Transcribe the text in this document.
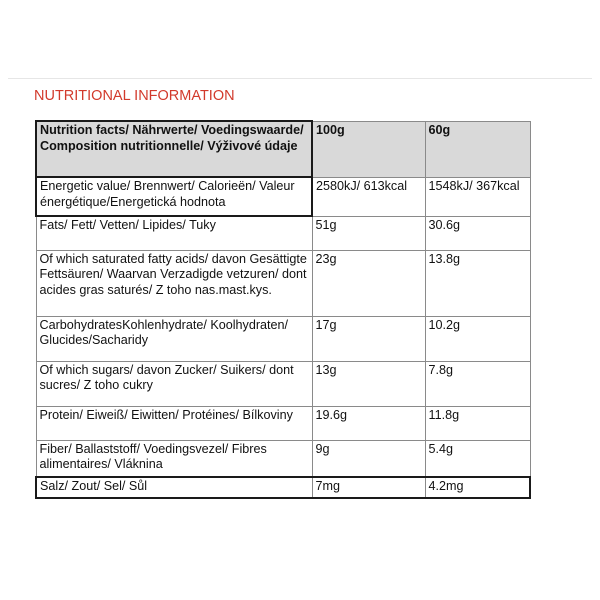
NUTRITIONAL INFORMATION
Nutrition facts/ Nährwerte/ Voedingswaarde/ Composition nutritionnelle/ Výživové údaje	100g	60g
Energetic value/ Brennwert/ Calorieën/ Valeur énergétique/Energetická hodnota	2580kJ/ 613kcal	1548kJ/ 367kcal
Fats/ Fett/ Vetten/ Lipides/ Tuky	51g	30.6g
Of which saturated fatty acids/ davon Gesättigte Fettsäuren/ Waarvan Verzadigde vetzuren/ dont acides gras saturés/ Z toho nas.mast.kys.	23g	13.8g
CarbohydratesKohlenhydrate/ Koolhydraten/ Glucides/Sacharidy	17g	10.2g
Of which sugars/ davon Zucker/ Suikers/ dont sucres/ Z toho cukry	13g	7.8g
Protein/ Eiweiß/ Eiwitten/ Protéines/ Bílkoviny	19.6g	11.8g
Fiber/ Ballaststoff/ Voedingsvezel/ Fibres alimentaires/ Vláknina	9g	5.4g
Salz/ Zout/ Sel/ Sůl	7mg	4.2mg
